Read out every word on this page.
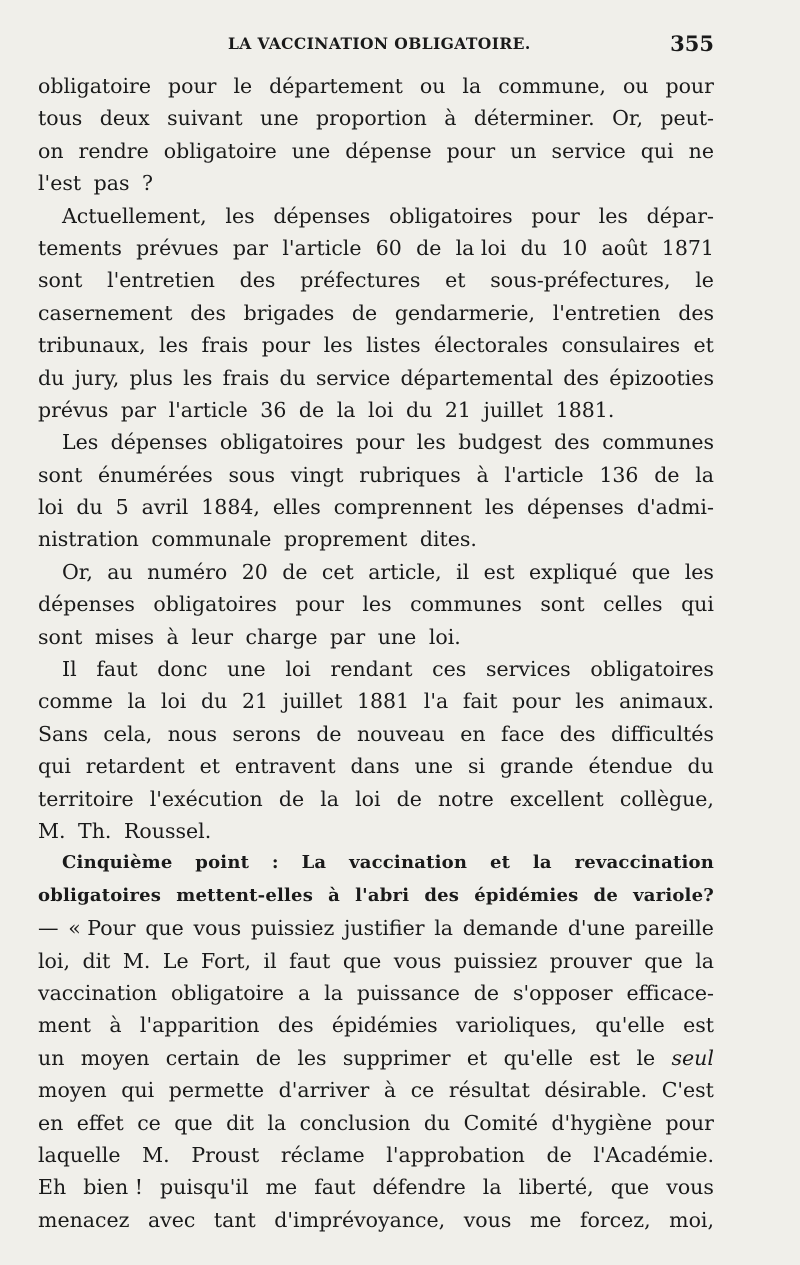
LA VACCINATION OBLIGATOIRE.	355
obligatoire pour le département ou la commune, ou pour
tous deux suivant une proportion à déterminer. Or, peut-
on rendre obligatoire une dépense pour un service qui ne
l'est
pas ?
Actuellement, les dépenses obligatoires pour les dépar-
tements prévues par l'article 60 de la loi du 10 août 1871
sont l'entretien des préfectures et sous-préfectures, le
casernement des brigades de gendarmerie, l'entretien des
tribunaux, les frais pour les listes électorales consulaires et
du jury, plus les frais du service départemental des épizooties
prévus
par
l'article
36
de
la
loi
du
21
juillet
1881.
Les dépenses obligatoires pour les budgest des communes
sont énumérées sous vingt rubriques à l'article 136 de la
loi du 5 avril 1884, elles comprennent les dépenses d'admi-
nistration
communale
proprement
dites.
Or, au numéro 20 de cet article, il est expliqué que les
dépenses obligatoires pour les communes sont celles qui
sont
mises
à
leur
charge
par
une
loi.
Il faut donc une loi rendant ces services obligatoires
comme la loi du 21 juillet 1881 l'a fait pour les animaux.
Sans cela, nous serons de nouveau en face des difficultés
qui retardent et entravent dans une si grande étendue du
territoire l'exécution de la loi de notre excellent collègue,
M.
Th.
Roussel.
Cinquième point : La vaccination et la revaccination
obligatoires mettent-elles à l'abri des épidémies de variole?
— « Pour que vous puissiez justifier la demande d'une pareille
loi, dit M. Le Fort, il faut que vous puissiez prouver que la
vaccination obligatoire a la puissance de s'opposer efficace-
ment à l'apparition des épidémies varioliques, qu'elle est
un moyen certain de les supprimer et qu'elle est le seul
moyen qui permette d'arriver à ce résultat désirable. C'est
en effet ce que dit la conclusion du Comité d'hygiène pour
laquelle M. Proust réclame l'approbation de l'Académie.
Eh bien ! puisqu'il me faut défendre la liberté, que vous
menacez avec tant d'imprévoyance, vous me forcez, moi,
